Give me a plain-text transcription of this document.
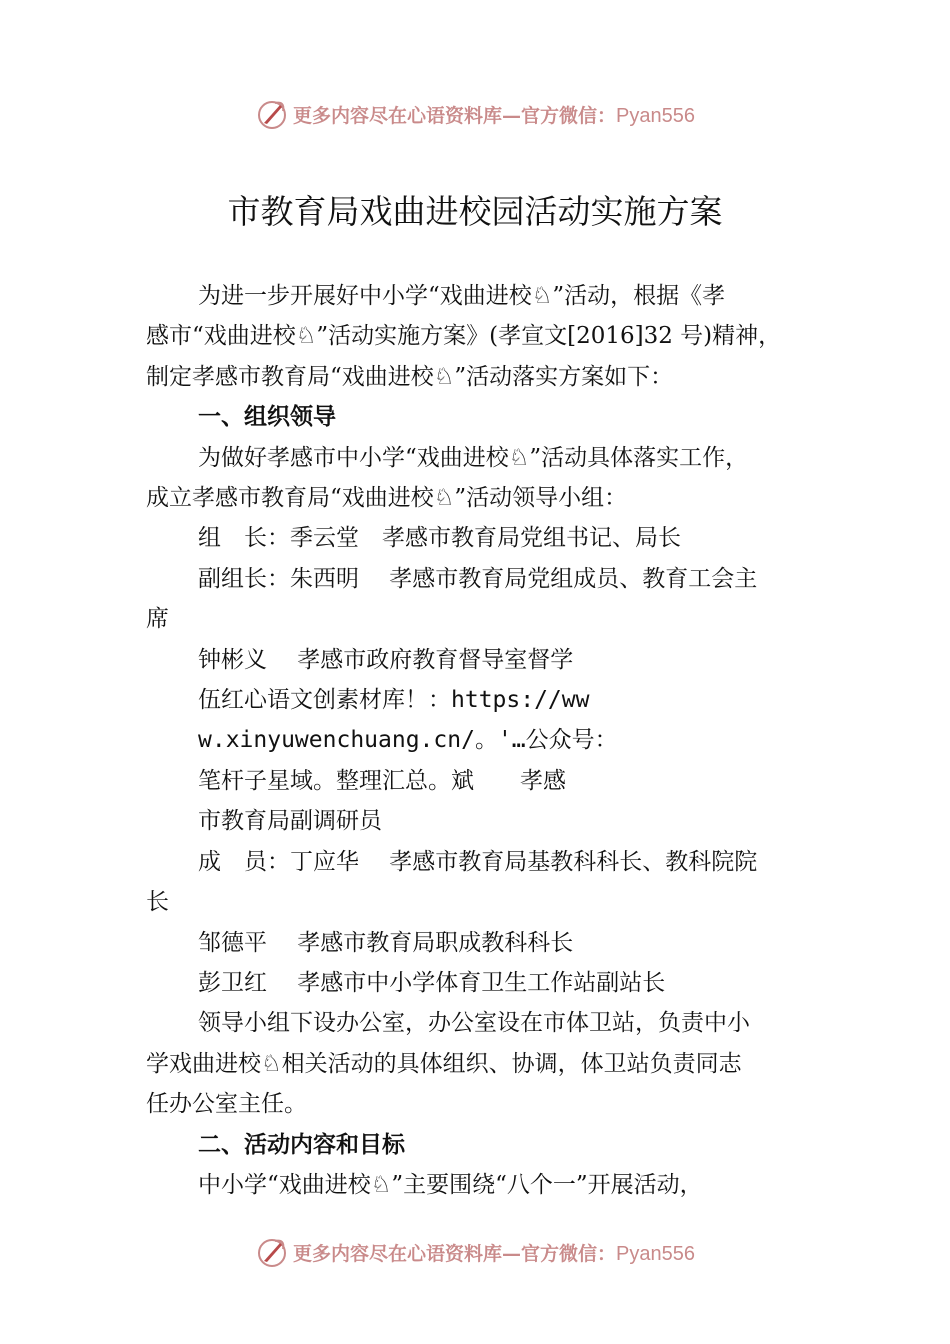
更多内容尽在心语资料库—官方微信：Pyan556
市教育局戏曲进校园活动实施方案

为进一步开展好中小学“戏曲进校♘”活动，根据《孝

感市“戏曲进校♘”活动实施方案》(孝宣文[2016]32 号)精神，
制定孝感市教育局“戏曲进校♘”活动落实方案如下：

一、组织领导

为做好孝感市中小学“戏曲进校♘”活动具体落实工作，

成立孝感市教育局“戏曲进校♘”活动领导小组：

组　长：季云堂　孝感市教育局党组书记、局长

副组长：朱西明　 孝感市教育局党组成员、教育工会主

席

钟彬义　 孝感市政府教育督导室督学

伍红心语文创素材库！：https://ww
w.xinyuwenchuang.cn/。'…公众号：
笔杆子星域。整理汇总。斌　　孝感
市教育局副调研员

成　员：丁应华　 孝感市教育局基教科科长、教科院院

长

邹德平　 孝感市教育局职成教科科长

彭卫红　 孝感市中小学体育卫生工作站副站长

领导小组下设办公室，办公室设在市体卫站，负责中小

学戏曲进校♘相关活动的具体组织、协调，体卫站负责同志
任办公室主任。

二、活动内容和目标

中小学“戏曲进校♘”主要围绕“八个一”开展活动，

更多内容尽在心语资料库—官方微信：Pyan556
